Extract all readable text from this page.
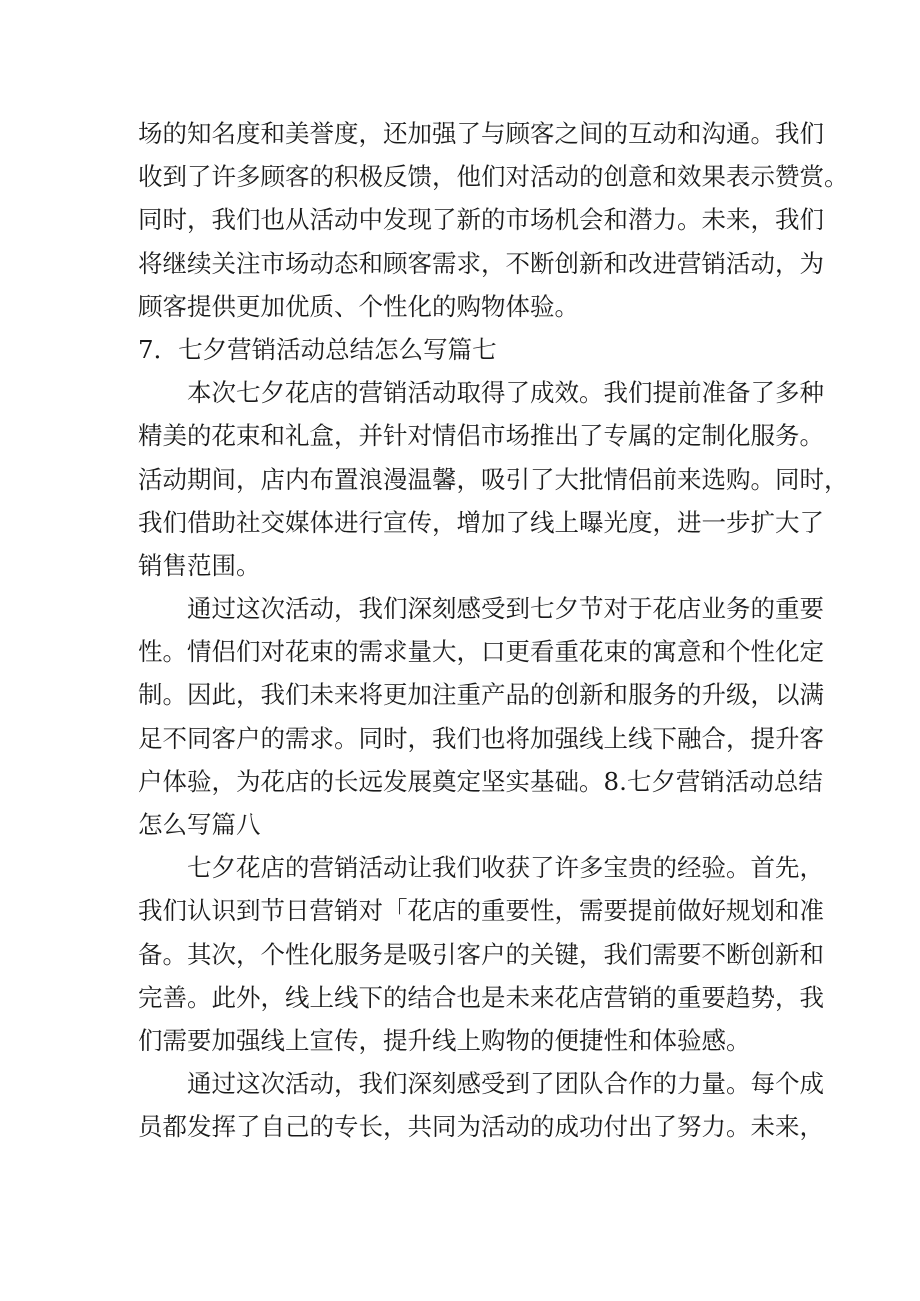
场的知名度和美誉度，还加强了与顾客之间的互动和沟通。我们
收到了许多顾客的积极反馈，他们对活动的创意和效果表示赞赏。
同时，我们也从活动中发现了新的市场机会和潜力。未来，我们
将继续关注市场动态和顾客需求，不断创新和改进营销活动，为
顾客提供更加优质、个性化的购物体验。
7．七夕营销活动总结怎么写篇七
本次七夕花店的营销活动取得了成效。我们提前准备了多种
精美的花束和礼盒，并针对情侣市场推出了专属的定制化服务。
活动期间，店内布置浪漫温馨，吸引了大批情侣前来选购。同时，
我们借助社交媒体进行宣传，增加了线上曝光度，进一步扩大了
销售范围。
通过这次活动，我们深刻感受到七夕节对于花店业务的重要
性。情侣们对花束的需求量大，口更看重花束的寓意和个性化定
制。因此，我们未来将更加注重产品的创新和服务的升级，以满
足不同客户的需求。同时，我们也将加强线上线下融合，提升客
户体验，为花店的长远发展奠定坚实基础。8.七夕营销活动总结
怎么写篇八
七夕花店的营销活动让我们收获了许多宝贵的经验。首先，
我们认识到节日营销对「花店的重要性，需要提前做好规划和准
备。其次，个性化服务是吸引客户的关键，我们需要不断创新和
完善。此外，线上线下的结合也是未来花店营销的重要趋势，我
们需要加强线上宣传，提升线上购物的便捷性和体验感。
通过这次活动，我们深刻感受到了团队合作的力量。每个成
员都发挥了自己的专长，共同为活动的成功付出了努力。未来，
